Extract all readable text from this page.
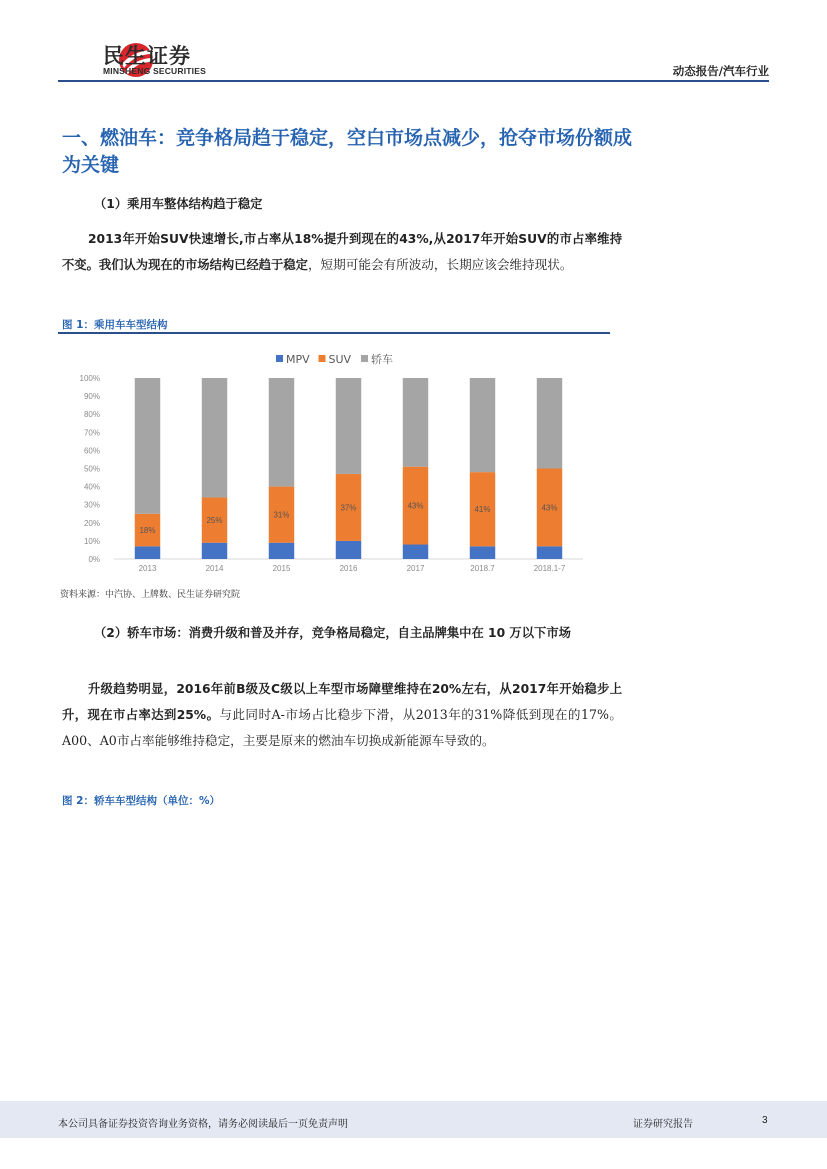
民生证券
MINSHENG SECURITIES	动态报告/汽车行业
一、燃油车：竞争格局趋于稳定，空白市场点减少，抢夺市场份额成为关键
（1）乘用车整体结构趋于稳定
2013年开始SUV快速增长,市占率从18%提升到现在的43%,从2017年开始SUV的市占率维持不变。我们认为现在的市场结构已经趋于稳定，短期可能会有所波动，长期应该会维持现状。
图 1：乘用车车型结构
MPV SUV 轿车
0%
10%
20%
30%
40%
50%
60%
70%
80%
90%
100%
18%
25%
31%
37%	43%	41%	43%
2013	2014	2015	2016	2017	2018.7	2018.1-7
资料来源：中汽协、上牌数、民生证券研究院
（2）轿车市场：消费升级和普及并存，竞争格局稳定，自主品牌集中在 10 万以下市场
升级趋势明显，2016年前B级及C级以上车型市场障壁维持在20%左右，从2017年开始稳步上升，现在市占率达到25%。与此同时A-市场占比稳步下滑，从2013年的31%降低到现在的17%。A00、A0市占率能够维持稳定，主要是原来的燃油车切换成新能源车导致的。
图 2：轿车车型结构（单位：%）
本公司具备证券投资咨询业务资格，请务必阅读最后一页免责声明	证券研究报告	3
